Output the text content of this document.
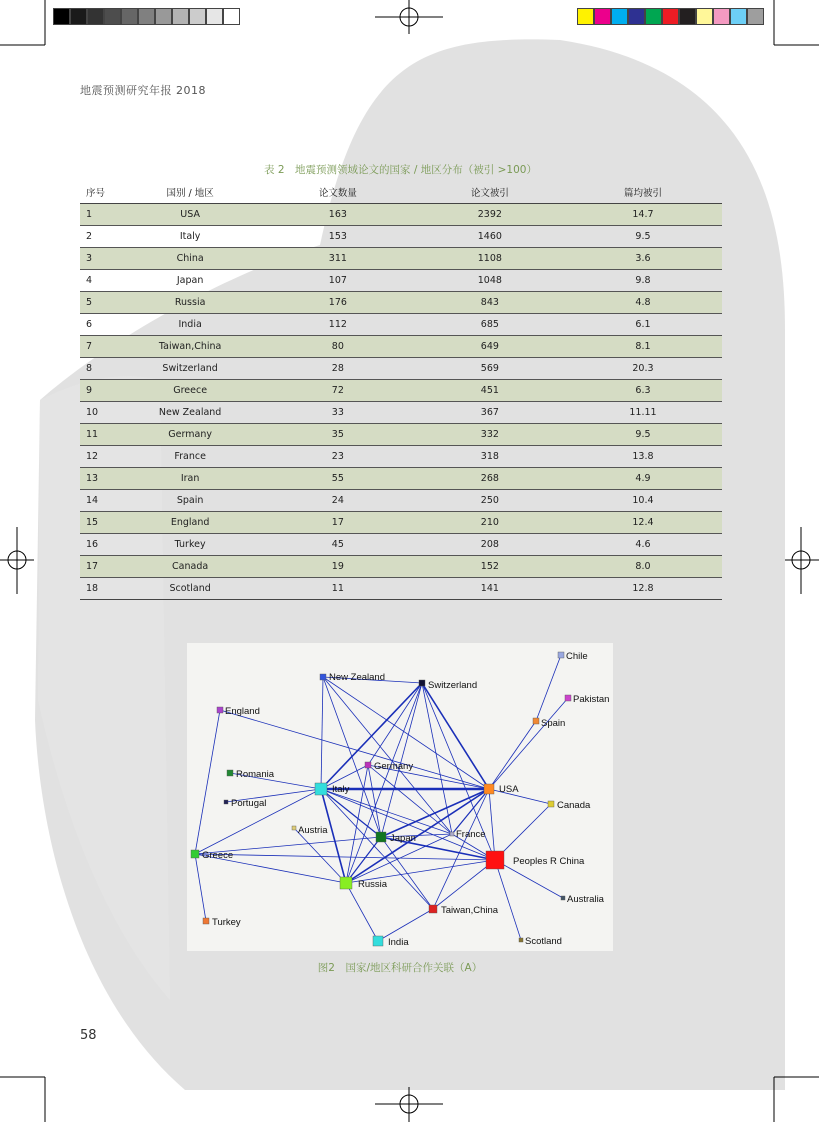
地震预测研究年报 2018
表 2　地震预测领域论文的国家 / 地区分布（被引 >100）
序号	国别 / 地区	论文数量	论文被引	篇均被引
1	USA	163	2392	14.7
2	Italy	153	1460	9.5
3	China	311	1108	3.6
4	Japan	107	1048	9.8
5	Russia	176	843	4.8
6	India	112	685	6.1
7	Taiwan,China	80	649	8.1
8	Switzerland	28	569	20.3
9	Greece	72	451	6.3
10	New Zealand	33	367	11.11
11	Germany	35	332	9.5
12	France	23	318	13.8
13	Iran	55	268	4.9
14	Spain	24	250	10.4
15	England	17	210	12.4
16	Turkey	45	208	4.6
17	Canada	19	152	8.0
18	Scotland	11	141	12.8
Chile
Pakistan
New Zealand
Switzerland
England
Spain
Germany
Romania
Italy	USA
Portugal	Canada
Austria
Japan	France
Greece
Peoples R China
Russia
Australia
Taiwan,China
Turkey
India	Scotland
图2　国家/地区科研合作关联（A）
58
